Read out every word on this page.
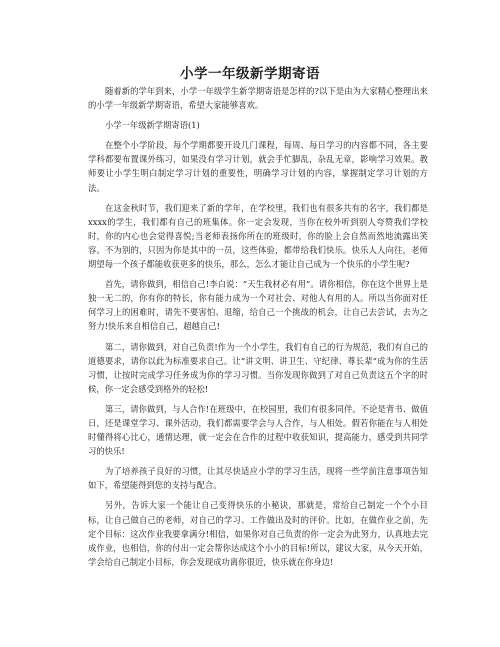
小学一年级新学期寄语

随着新的学年到来，小学一年级学生新学期寄语是怎样的?以下是由为大家精心整理出来的小学一年级新学期寄语，希望大家能够喜欢。

小学一年级新学期寄语(1)

在整个小学阶段，每个学期都要开设几门课程，每周、每日学习的内容都不同，各主要学科都要布置课外练习，如果没有学习计划，就会手忙脚乱，杂乱无章，影响学习效果。教师要让小学生明白制定学习计划的重要性，明确学习计划的内容，掌握制定学习计划的方法。

在这金秋时节，我们迎来了新的学年，在学校里，我们也有很多共有的名字，我们都是xxxx的学生，我们都有自己的班集体。你一定会发现，当你在校外听到别人夸赞我们学校时，你的内心也会觉得喜悦;当老师表扬你所在的班级时，你的脸上会自然而然地流露出笑容。不为别的，只因为你是其中的一员，这些体验，都带给我们快乐。快乐人人向往，老师期望每一个孩子都能收获更多的快乐，那么，怎么才能让自己成为一个快乐的小学生呢?

首先，请你做到，相信自己!李白说：“天生我材必有用”。请你相信，你在这个世界上是独一无二的，你有你的特长，你有能力成为一个对社会、对他人有用的人。所以当你面对任何学习上的困难时，请先不要害怕、退缩，给自己一个挑战的机会，让自己去尝试，去为之努力!快乐来自相信自己，超越自己!

第二，请你做到，对自己负责!作为一个小学生，我们有自己的行为规范，我们有自己的道德要求，请你以此为标准要求自己。让“讲文明、讲卫生、守纪律、尊长辈”成为你的生活习惯，让按时完成学习任务成为你的学习习惯。当你发现你做到了对自己负责这五个字的时候，你一定会感受到格外的轻松!

第三，请你做到，与人合作!在班级中，在校园里，我们有很多同伴。不论是背书、做值日，还是课堂学习、课外活动，我们都需要学会与人合作，与人相处。假若你能在与人相处时懂得将心比心，通情达理，就一定会在合作的过程中收获知识，提高能力，感受到共同学习的快乐!

为了培养孩子良好的习惯，让其尽快适应小学的学习生活，现将一些学前注意事项告知如下，希望能得到您的支持与配合。

另外，告诉大家一个能让自己变得快乐的小秘诀，那就是，常给自己制定一个个小目标，让自己做自己的老师，对自己的学习、工作做出及时的评价。比如，在做作业之前，先定个目标：这次作业我要拿满分!相信，如果你对自己负责的你一定会为此努力，认真地去完成作业，也相信，你的付出一定会帮你达成这个小小的目标!所以，建议大家，从今天开始，学会给自己制定小目标，你会发现成功离你很近，快乐就在你身边!
